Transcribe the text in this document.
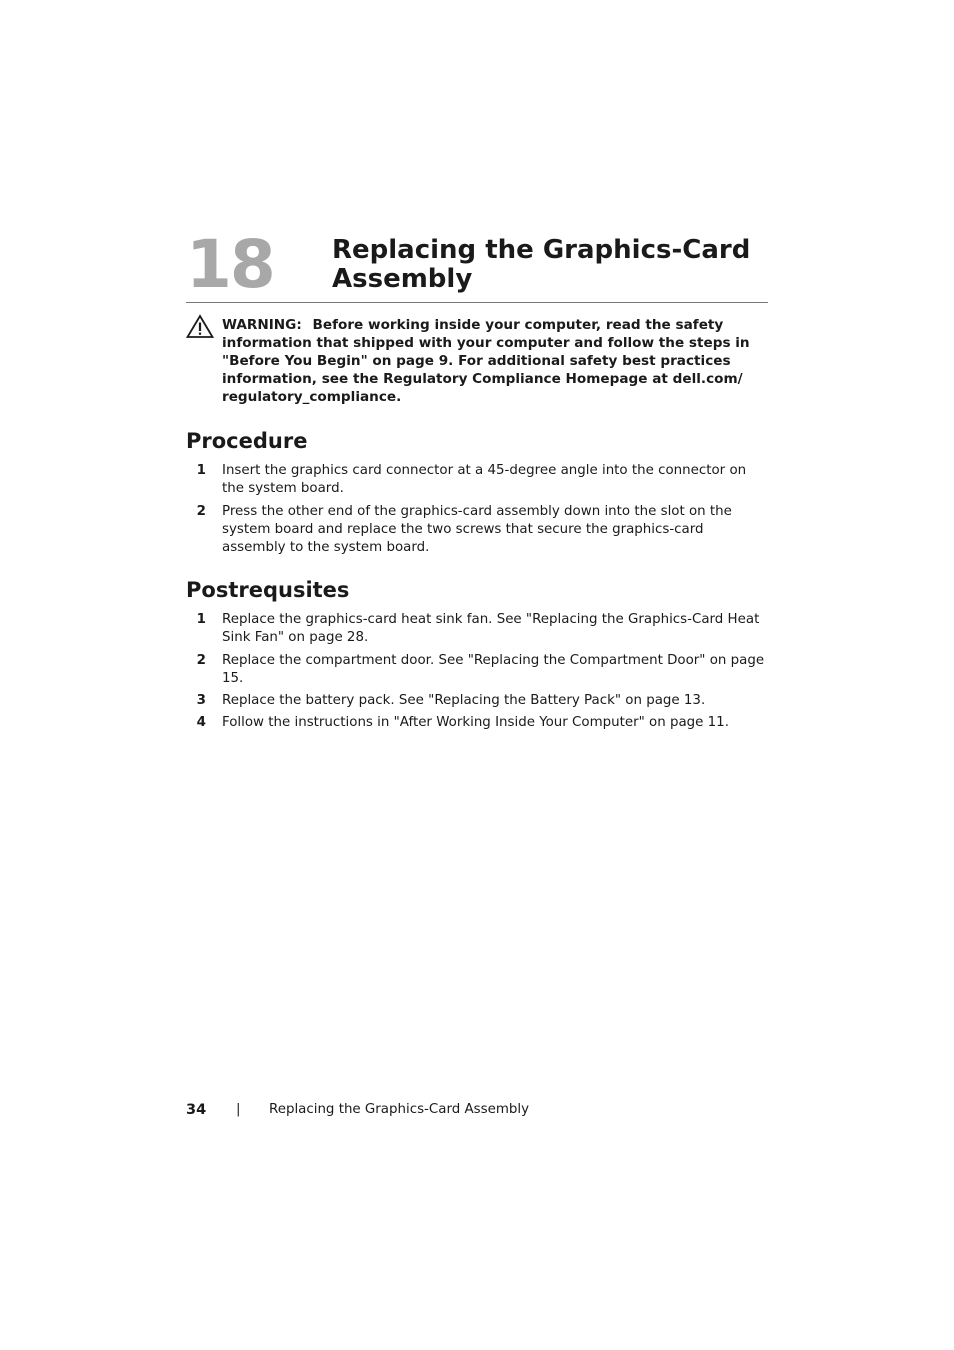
18 Replacing the Graphics-Card Assembly
WARNING: Before working inside your computer, read the safety information that shipped with your computer and follow the steps in "Before You Begin" on page 9. For additional safety best practices information, see the Regulatory Compliance Homepage at dell.com/ regulatory_compliance.
Procedure
1 Insert the graphics card connector at a 45-degree angle into the connector on the system board.
2 Press the other end of the graphics-card assembly down into the slot on the system board and replace the two screws that secure the graphics-card assembly to the system board.
Postrequsites
1 Replace the graphics-card heat sink fan. See "Replacing the Graphics-Card Heat Sink Fan" on page 28.
2 Replace the compartment door. See "Replacing the Compartment Door" on page 15.
3 Replace the battery pack. See "Replacing the Battery Pack" on page 13.
4 Follow the instructions in "After Working Inside Your Computer" on page 11.
34 | Replacing the Graphics-Card Assembly
